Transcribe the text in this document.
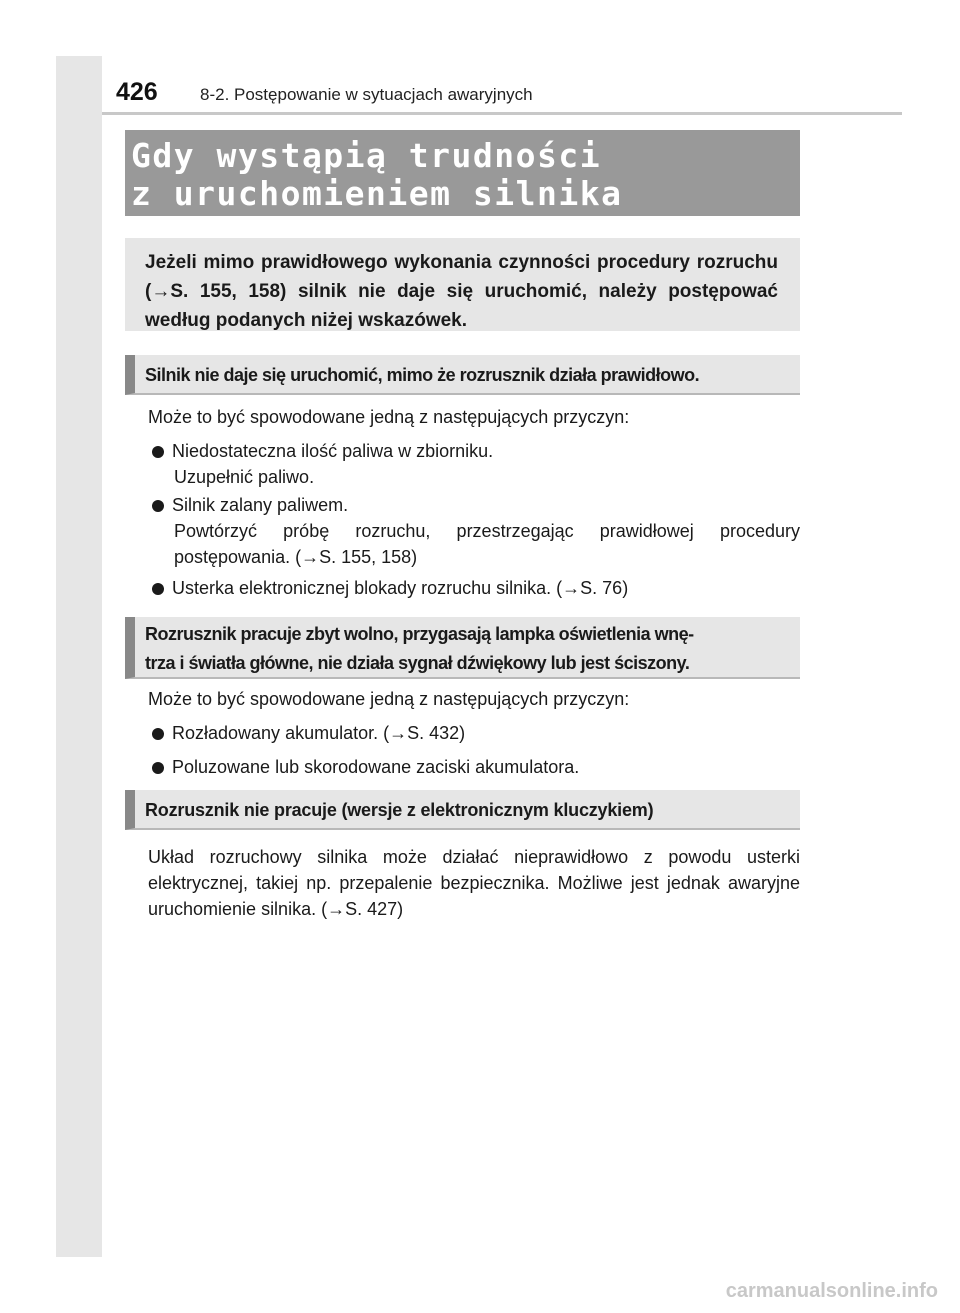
426 8-2. Postępowanie w sytuacjach awaryjnych
Gdy wystąpią trudności
z uruchomieniem silnika

Jeżeli mimo prawidłowego wykonania czynności procedury rozruchu (→S. 155, 158) silnik nie daje się uruchomić, należy postępować według podanych niżej wskazówek.

Silnik nie daje się uruchomić, mimo że rozrusznik działa prawidłowo.
Może to być spowodowane jedną z następujących przyczyn:
Niedostateczna ilość paliwa w zbiorniku.
Uzupełnić paliwo.
Silnik zalany paliwem.
Powtórzyć próbę rozruchu, przestrzegając prawidłowej procedury postępowania. (→S. 155, 158)
Usterka elektronicznej blokady rozruchu silnika. (→S. 76)
Rozrusznik pracuje zbyt wolno, przygasają lampka oświetlenia wnę-
trza i światła główne, nie działa sygnał dźwiękowy lub jest ściszony.
Może to być spowodowane jedną z następujących przyczyn:
Rozładowany akumulator. (→S. 432)
Poluzowane lub skorodowane zaciski akumulatora.
Rozrusznik nie pracuje (wersje z elektronicznym kluczykiem)
Układ rozruchowy silnika może działać nieprawidłowo z powodu usterki elektrycznej, takiej np. przepalenie bezpiecznika. Możliwe jest jednak awaryjne uruchomienie silnika. (→S. 427)
carmanualsonline.info
